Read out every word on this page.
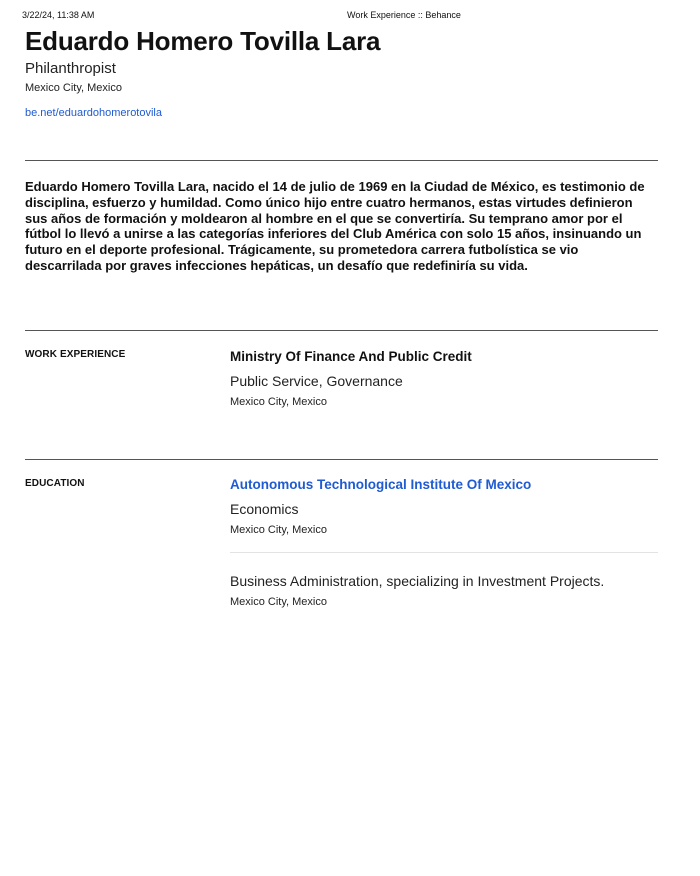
3/22/24, 11:38 AM	Work Experience :: Behance
Eduardo Homero Tovilla Lara
Philanthropist
Mexico City, Mexico
be.net/eduardohomerotovila

Eduardo Homero Tovilla Lara, nacido el 14 de julio de 1969 en la Ciudad de México, es testimonio de disciplina, esfuerzo y humildad. Como único hijo entre cuatro hermanos, estas virtudes definieron sus años de formación y moldearon al hombre en el que se convertiría. Su temprano amor por el fútbol lo llevó a unirse a las categorías inferiores del Club América con solo 15 años, insinuando un futuro en el deporte profesional. Trágicamente, su prometedora carrera futbolística se vio descarrilada por graves infecciones hepáticas, un desafío que redefiniría su vida.

WORK EXPERIENCE	Ministry Of Finance And Public Credit
Public Service, Governance
Mexico City, Mexico
EDUCATION	Autonomous Technological Institute Of Mexico
Economics
Mexico City, Mexico
Business Administration, specializing in Investment Projects.
Mexico City, Mexico
